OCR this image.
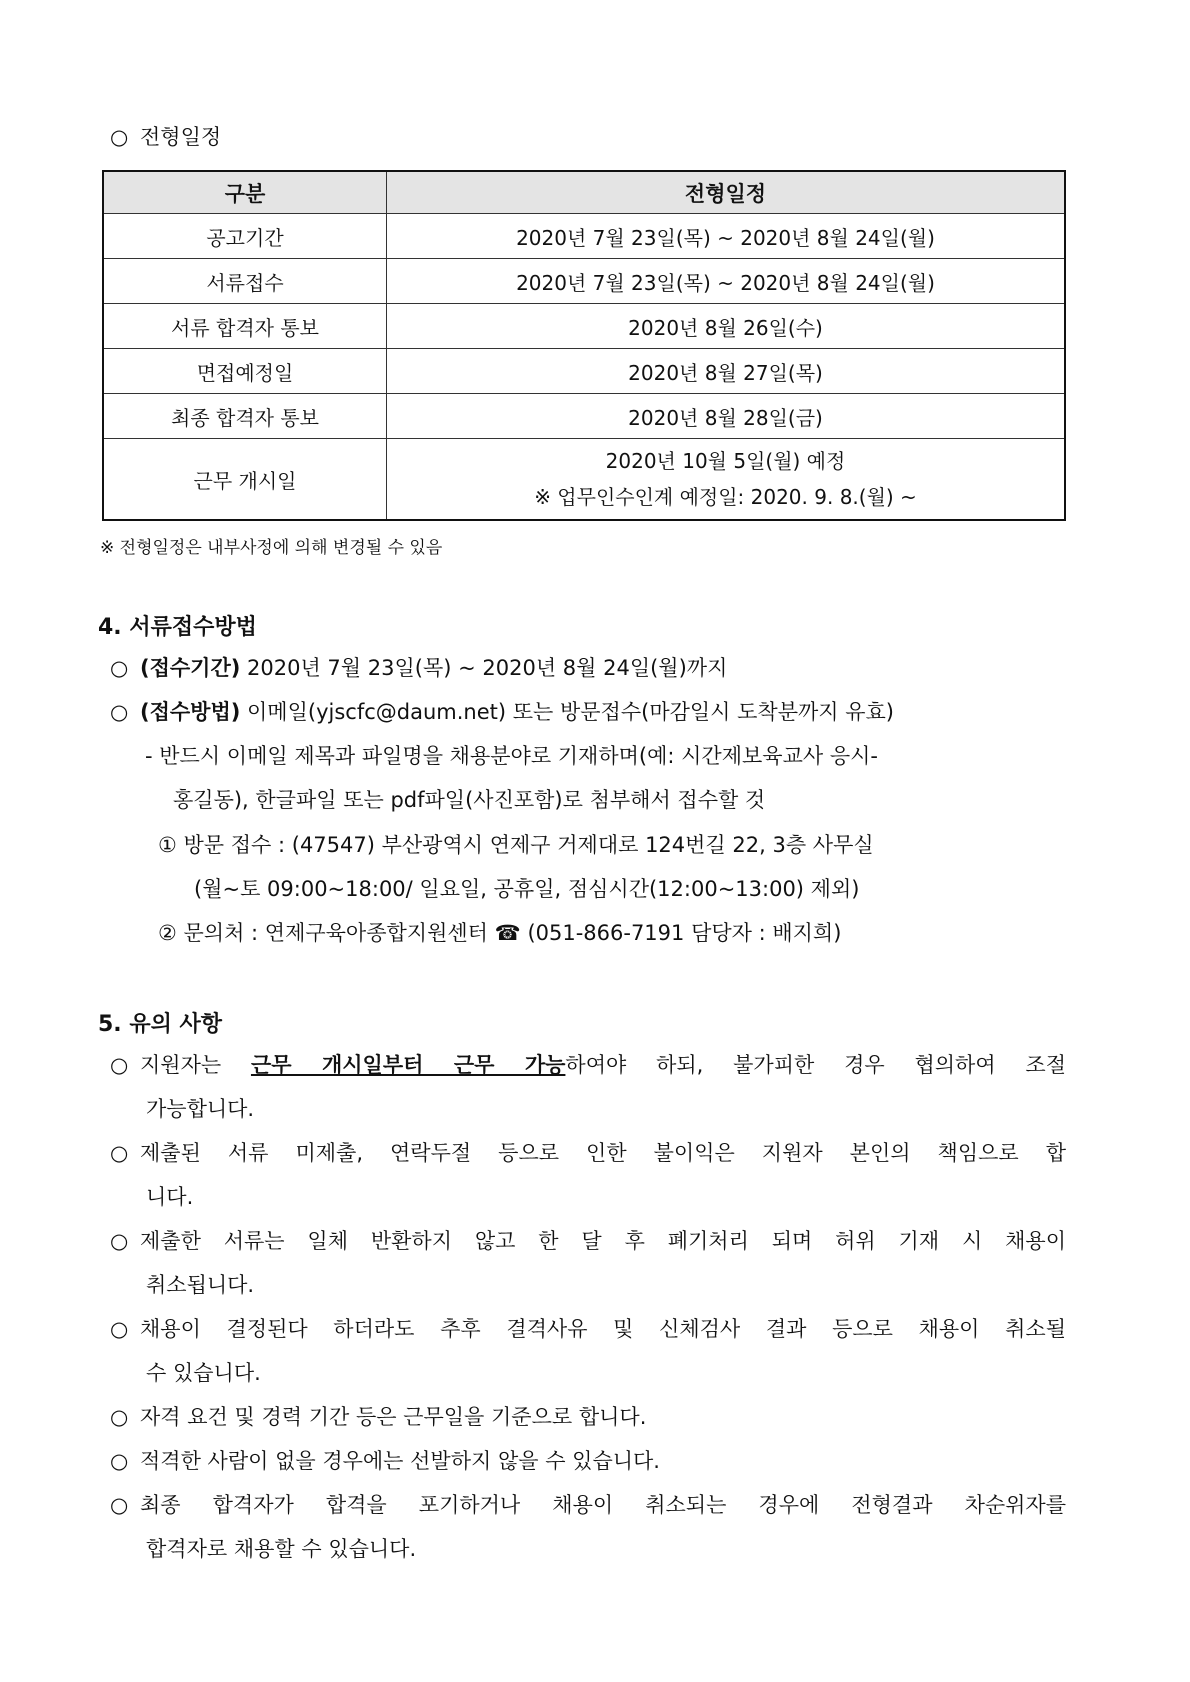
○ 전형일정
구분	전형일정
공고기간	2020년 7월 23일(목) ~ 2020년 8월 24일(월)
서류접수	2020년 7월 23일(목) ~ 2020년 8월 24일(월)
서류 합격자 통보	2020년 8월 26일(수)
면접예정일	2020년 8월 27일(목)
최종 합격자 통보	2020년 8월 28일(금)
근무 개시일	2020년 10월 5일(월) 예정
※ 업무인수인계 예정일: 2020. 9. 8.(월) ~
※ 전형일정은 내부사정에 의해 변경될 수 있음
4. 서류접수방법
○ (접수기간) 2020년 7월 23일(목) ~ 2020년 8월 24일(월)까지
○ (접수방법) 이메일(yjscfc@daum.net) 또는 방문접수(마감일시 도착분까지 유효)
- 반드시 이메일 제목과 파일명을 채용분야로 기재하며(예: 시간제보육교사 응시-
홍길동), 한글파일 또는 pdf파일(사진포함)로 첨부해서 접수할 것
① 방문 접수 : (47547) 부산광역시 연제구 거제대로 124번길 22, 3층 사무실
(월~토 09:00~18:00/ 일요일, 공휴일, 점심시간(12:00~13:00) 제외)
② 문의처 : 연제구육아종합지원센터 ☎ (051-866-7191 담당자 : 배지희)
5. 유의 사항
○ 지원자는 근무 개시일부터 근무 가능하여야 하되, 불가피한 경우 협의하여 조절
가능합니다.
○ 제출된 서류 미제출, 연락두절 등으로 인한 불이익은 지원자 본인의 책임으로 합
니다.
○ 제출한 서류는 일체 반환하지 않고 한 달 후 폐기처리 되며 허위 기재 시 채용이
취소됩니다.
○ 채용이 결정된다 하더라도 추후 결격사유 및 신체검사 결과 등으로 채용이 취소될
수 있습니다.
○ 자격 요건 및 경력 기간 등은 근무일을 기준으로 합니다.
○ 적격한 사람이 없을 경우에는 선발하지 않을 수 있습니다.
○ 최종 합격자가 합격을 포기하거나 채용이 취소되는 경우에 전형결과 차순위자를
합격자로 채용할 수 있습니다.
